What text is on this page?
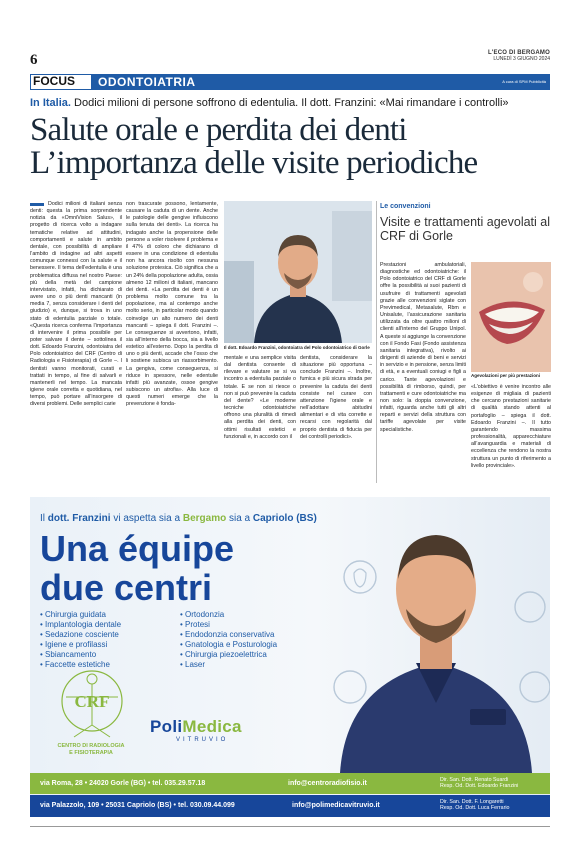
6	L'ECO DI BERGAMO
LUNEDÌ 3 GIUGNO 2024
FOCUS	ODONTOIATRIA	A cura di SPM Pubblicità
In Italia. Dodici milioni di persone soffrono di edentulia. Il dott. Franzini: «Mai rimandare i controlli»
Salute orale e perdita dei denti
L’importanza delle visite periodiche

Dodici milioni di italiani senza denti: questa la prima sorprendente notizia da «OmniVision Salus», il progetto di ricerca volto a indagare tematiche relative ad attitudini, comportamenti e salute in ambito dentale, con possibilità di ampliare l’ambito di indagine ad altri aspetti comunque connessi con la salute e il benessere. Il tema dell’edentulia è una problematica diffusa nel nostro Paese: più della metà del campione intervistato, infatti, ha dichiarato di avere uno o più denti mancanti (in media 7, senza considerare i denti del giudizio) e, dunque, si trova in uno stato di edentulia parziale o totale. «Questa ricerca conferma l’importanza di intervenire il prima possibile per poter salvare il dente – sottolinea il dott. Edoardo Franzini, odontoiatra del Polo odontoiatrico del CRF (Centro di Radiologia e Fisioterapia) di Gorle –. I dentisti vanno monitorati, curati e trattati in tempo, al fine di salvarli e mantenerli nel tempo. La mancata igiene orale corretta e quotidiana, nel tempo, può portare all’insorgere di diversi problemi. Delle semplici carie

non trascurate possono, lentamente, causare la caduta di un dente. Anche le patologie delle gengive influiscono sulla tenuta dei denti». La ricerca ha indagato anche la propensione delle persone a voler risolvere il problema e il 47% di coloro che dichiarano di essere in una condizione di edentulia non ha ancora risolto con nessuna soluzione protesica. Ciò significa che a un 24% della popolazione adulta, ossia almeno 12 milioni di italiani, mancano dei denti. «La perdita dei denti è un problema molto comune tra la popolazione, ma al contempo anche molto serio, in particolar modo quando coinvolge un alto numero dei denti mancanti – spiega il dott. Franzini –. Le conseguenze si avvertono, infatti, sia all’interno della bocca, sia a livello estetico all’esterno. Dopo la perdita di uno o più denti, accade che l’osso che li sostiene subisca un riassorbimento. La gengiva, come conseguenza, si riduce in spessore, nelle edentulie infatti più avanzate, ossoe gengive subiscono un atrofia». Alla luce di questi numeri emerge che la prevenzione è fonda-

Il dott. Edoardo Franzini, odontoiatra del Polo odontoiatrico di Gorle

mentale e una semplice visita dal dentista consente di rilevare e valutare se si va incontro a edentulia parziale o totale. E se non si riesce o non si può prevenire la caduta del dente? «Le moderne tecniche odontoiatriche offrono una pluralità di rimedi alla perdita dei denti, con ottimi risultati estetici e funzionali e, in accordo con il

dentista, considerare la situazione più opportuna – conclude Franzini –. Inoltre, fumica e più sicura strada per prevenire la caduta dei denti consiste nel curare con attenzione l’igiene orale e nell’adottare abitudini alimentari e di vita corrette e recarsi con regolarità dal proprio dentista di fiducia per dei controlli periodici».

Le convenzioni
Visite e trattamenti agevolati al CRF di Gorle

Prestazioni ambulatoriali, diagnostiche ed odontoiatriche: il Polo odontoiatrico del CRF di Gorle offre la possibilità ai suoi pazienti di usufruire di trattamenti agevolati grazie alle convenzioni siglate con Previmedical, Metasalute, Rbm e Unisalute, l’assicurazione sanitaria utilizzata da oltre quattro milioni di clienti all’interno del Gruppo Unipol. A queste si aggiunge la convenzione con il Fondo Fasi (Fondo assistenza sanitaria integrativa), rivolto ai dirigenti di aziende di beni e servizi in servizio e in pensione, senza limiti di età, e a eventuali coniugi e figli a carico. Tante agevolazioni e possibilità di rimborso, quindi, per trattamenti e cure odontoiatriche ma non solo: la doppia convenzione, infatti, riguarda anche tutti gli altri reparti e servizi della struttura con tariffe agevolate per visite specialistiche.

Agevolazioni per più prestazioni

«L’obiettivo è venire incontro alle esigenze di migliaia di pazienti che cercano prestazioni sanitarie di qualità stando attenti al portafoglio – spiega il dott. Edoardo Franzini –. Il tutto garantendo massima professionalità, apparecchiature all’avanguardia e materiali di eccellenza che rendono la nostra struttura un punto di riferimento a livello provinciale».

Il dott. Franzini vi aspetta sia a Bergamo sia a Capriolo (BS)
Una équipe
due centri
• Chirurgia guidata
• Implantologia dentale
• Sedazione cosciente
• Igiene e profilassi
• Sbiancamento
• Faccette estetiche
• Ortodonzia
• Protesi
• Endodonzia conservativa
• Gnatologia e Posturologia
• Chirurgia piezoelettrica
• Laser
CRF
CENTRO DI RADIOLOGIA
E FISIOTERAPIA
PoliMedica
VITRUVIO
via Roma, 28 • 24020 Gorle (BG) • tel. 035.29.57.18	info@centroradiofisio.it	Dir. San. Dott. Renato Suardi
Resp. Od. Dott. Edoardo Franzini
via Palazzolo, 109 • 25031 Capriolo (BS) • tel. 030.09.44.099	info@polimedicavitruvio.it	Dir. San. Dott. F. Longaretti
Resp. Od. Dott. Luca Ferrario
